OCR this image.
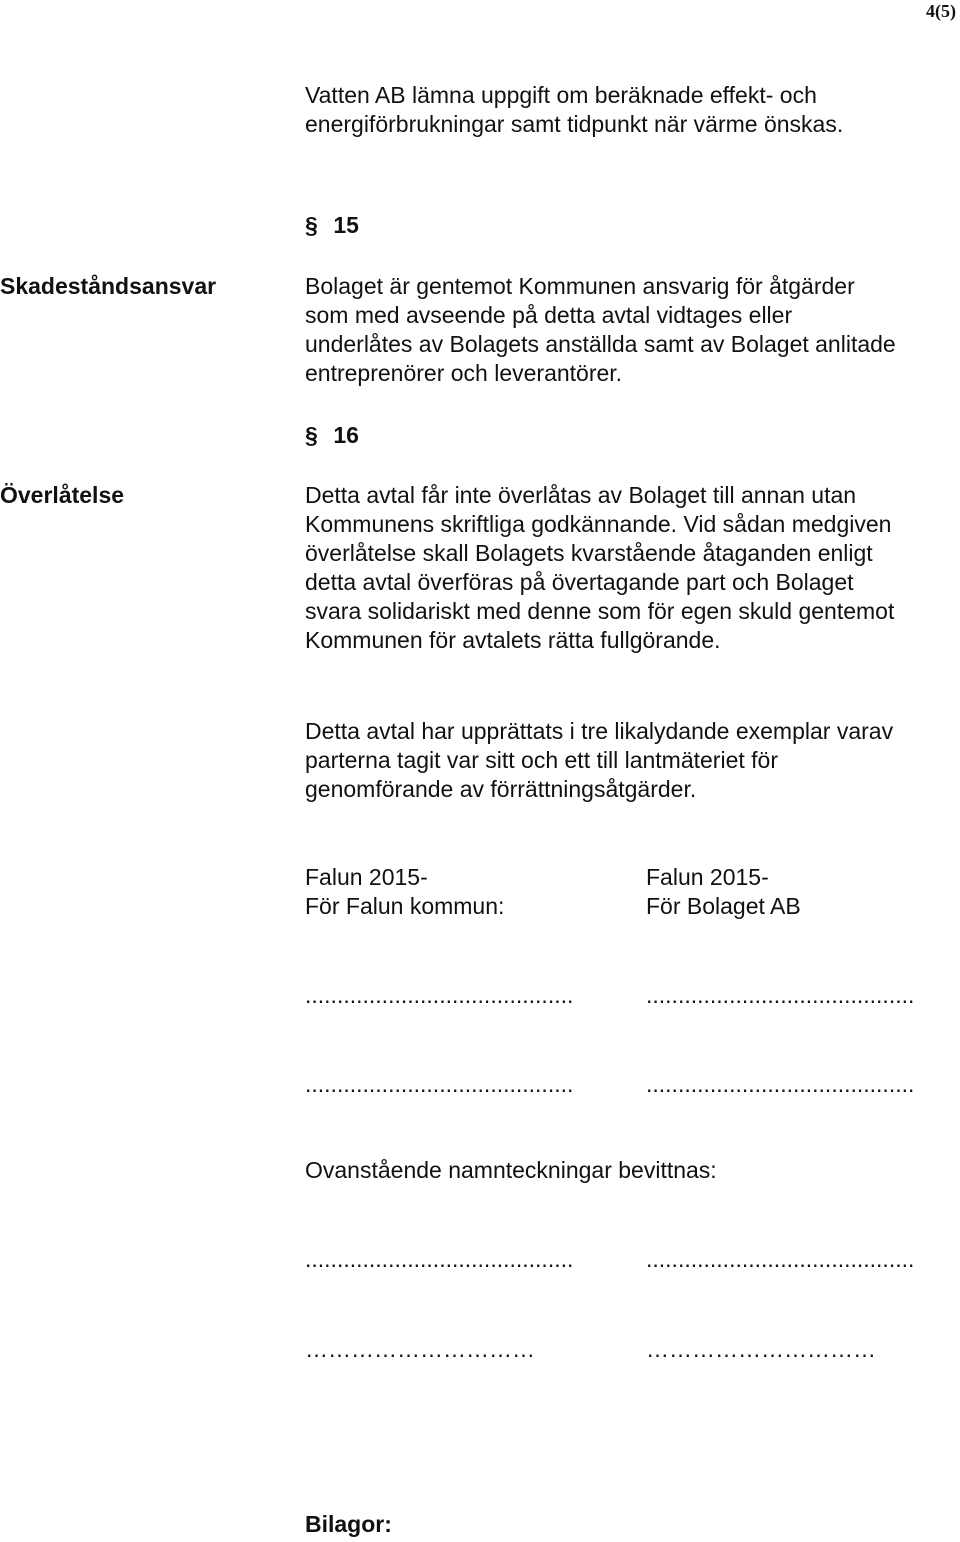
4(5)
Vatten AB lämna uppgift om beräknade effekt- och
energiförbrukningar samt tidpunkt när värme önskas.
§ 15
Skadeståndsansvar	Bolaget är gentemot Kommunen ansvarig för åtgärder
som med avseende på detta avtal vidtages eller
underlåtes av Bolagets anställda samt av Bolaget anlitade
entreprenörer och leverantörer.
§ 16
Överlåtelse	Detta avtal får inte överlåtas av Bolaget till annan utan
Kommunens skriftliga godkännande. Vid sådan medgiven
överlåtelse skall Bolagets kvarstående åtaganden enligt
detta avtal överföras på övertagande part och Bolaget
svara solidariskt med denne som för egen skuld gentemot
Kommunen för avtalets rätta fullgörande.
Detta avtal har upprättats i tre likalydande exemplar varav
parterna tagit var sitt och ett till lantmäteriet för
genomförande av förrättningsåtgärder.
Falun 2015-	Falun 2015-
För Falun kommun:	För Bolaget AB
..........................................	..........................................
..........................................	..........................................
Ovanstående namnteckningar bevittnas:
..........................................	..........................................
…………………………	…………………………
Bilagor:
